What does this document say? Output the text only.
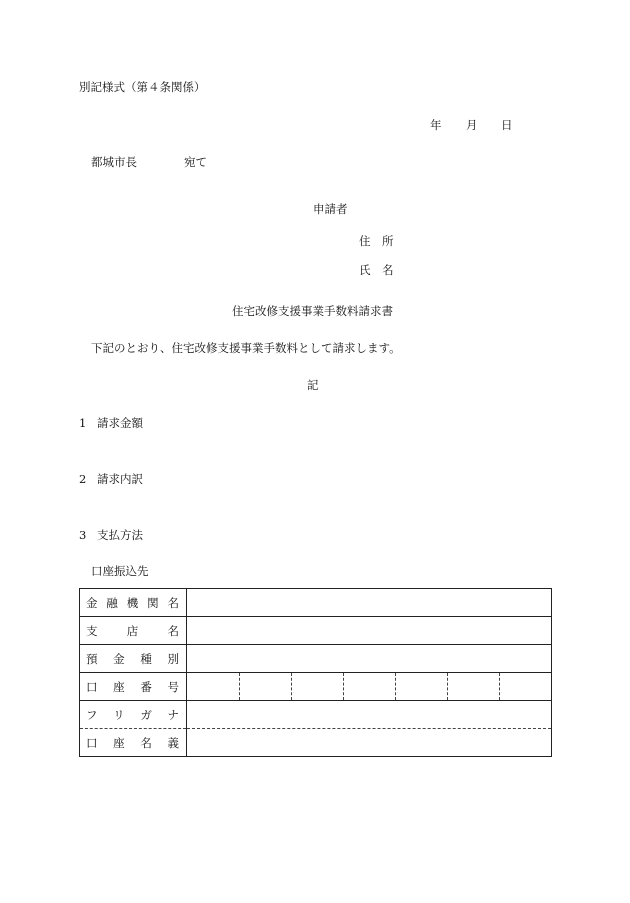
別記様式（第４条関係）
年 月 日
都城市長	宛て
申請者
住　所
氏　名
住宅改修支援事業手数料請求書
下記のとおり、住宅改修支援事業手数料として請求します。
記
1 請求金額
2 請求内訳
3 支払方法
口座振込先
金 融 機 関 名	

支 店 名	

預 金 種 別	

口 座 番 号	

フ リ ガ ナ	

口 座 名 義	
